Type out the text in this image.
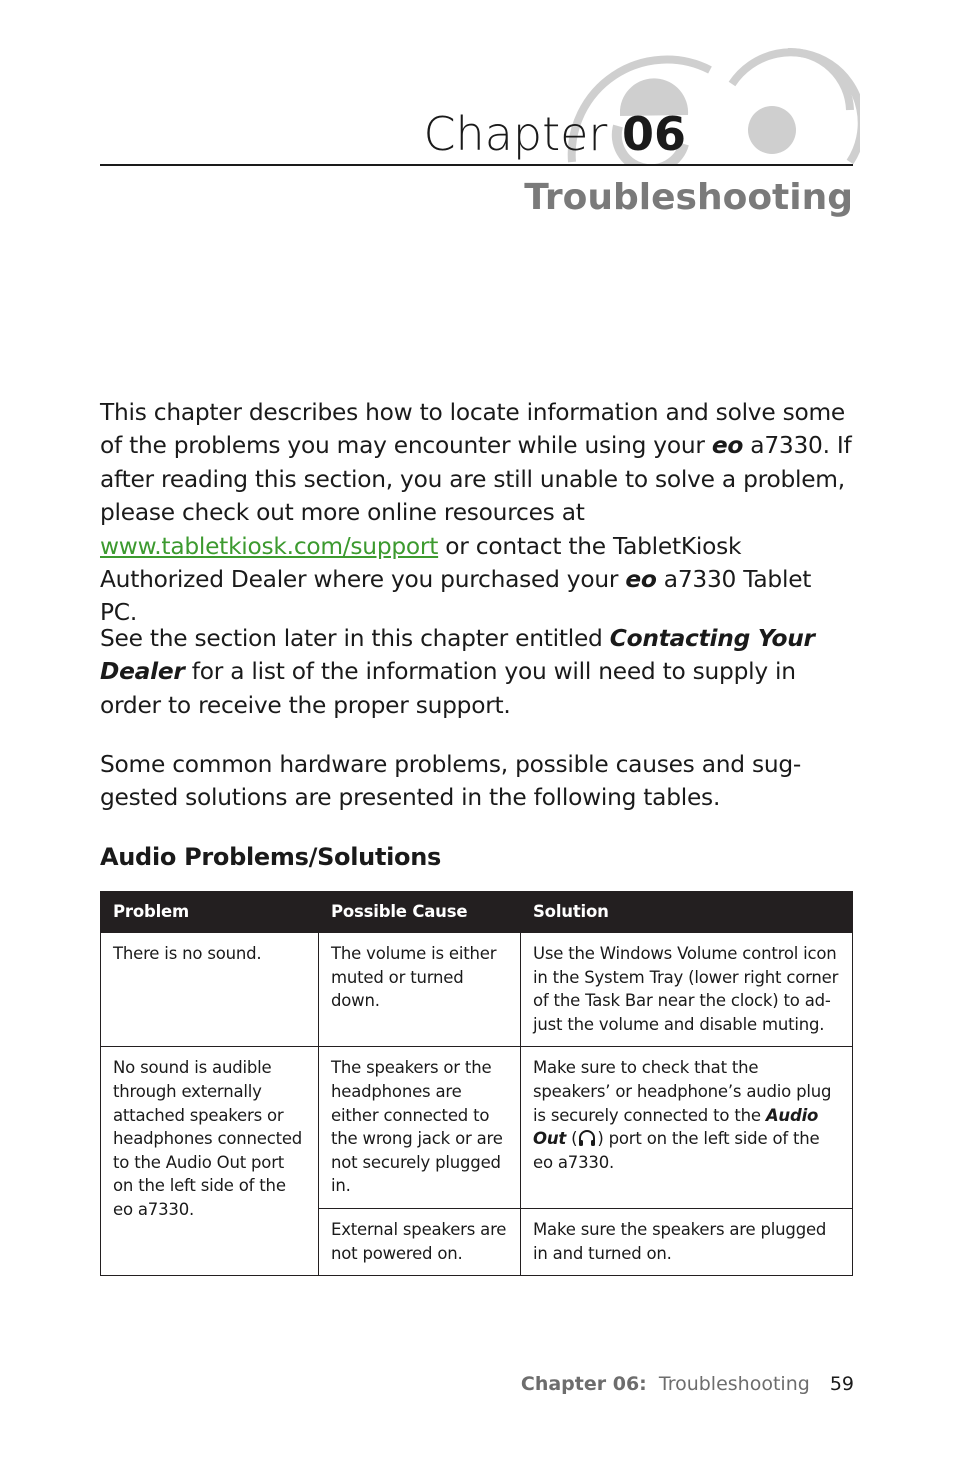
Chapter 06
Troubleshooting
This chapter describes how to locate information and solve some of the problems you may encounter while using your eo a7330. If after reading this section, you are still unable to solve a problem, please check out more online resources at www.tabletkiosk.com/support or contact the TabletKiosk Authorized Dealer where you purchased your eo a7330 Tablet PC.
See the section later in this chapter entitled Contacting Your Dealer for a list of the information you will need to supply in order to receive the proper support.
Some common hardware problems, possible causes and sug-gested solutions are presented in the following tables.
Audio Problems/Solutions
Problem	Possible Cause	Solution
There is no sound.	The volume is either muted or turned down.	Use the Windows Volume control icon in the System Tray (lower right corner of the Task Bar near the clock) to ad-just the volume and disable muting.
No sound is audible through externally attached speakers or headphones connected to the Audio Out port on the left side of the eo a7330.	The speakers or the headphones are either connected to the wrong jack or are not securely plugged in.	Make sure to check that the speakers’ or headphone’s audio plug is securely connected to the Audio Out ( ) port on the left side of the eo a7330.
	External speakers are not powered on.	Make sure the speakers are plugged in and turned on.
Chapter 06: Troubleshooting 59
